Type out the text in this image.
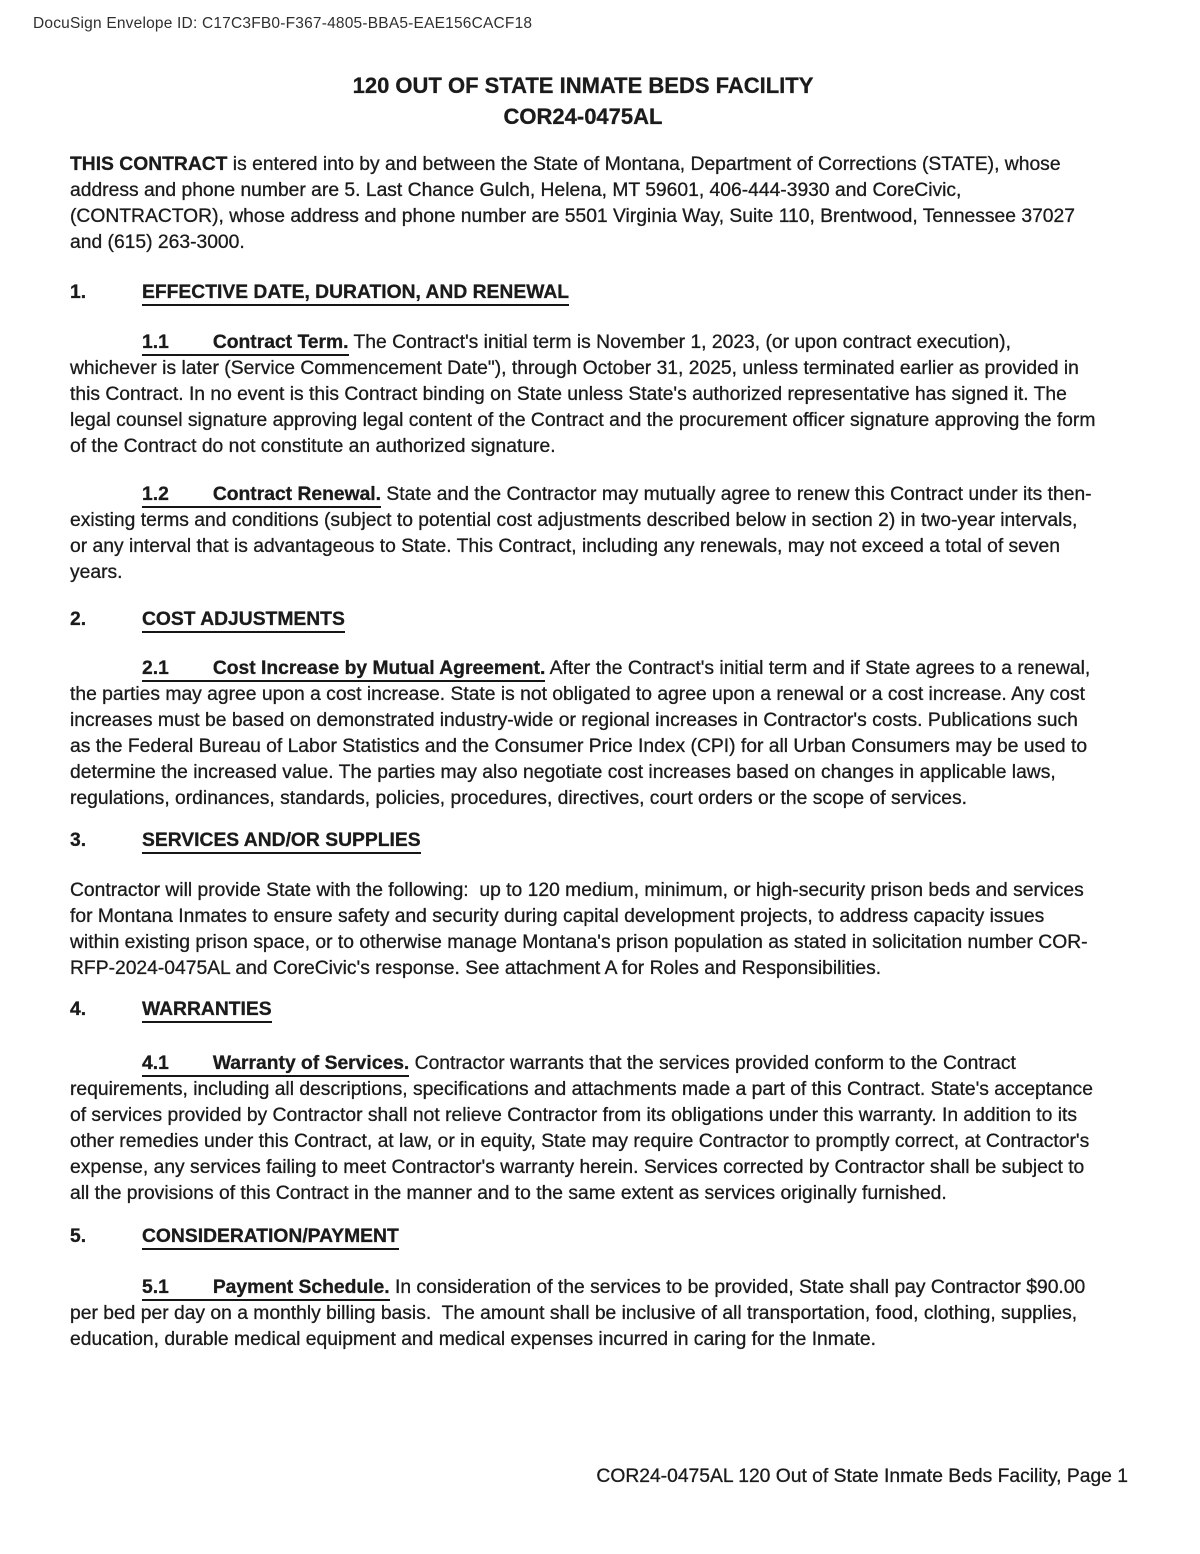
DocuSign Envelope ID: C17C3FB0-F367-4805-BBA5-EAE156CACF18
120 OUT OF STATE INMATE BEDS FACILITY
COR24-0475AL

THIS CONTRACT is entered into by and between the State of Montana, Department of Corrections (STATE), whose address and phone number are 5. Last Chance Gulch, Helena, MT 59601, 406-444-3930 and CoreCivic, (CONTRACTOR), whose address and phone number are 5501 Virginia Way, Suite 110, Brentwood, Tennessee 37027 and (615) 263-3000.

1.	EFFECTIVE DATE, DURATION, AND RENEWAL

1.1 Contract Term. The Contract's initial term is November 1, 2023, (or upon contract execution), whichever is later (Service Commencement Date"), through October 31, 2025, unless terminated earlier as provided in this Contract. In no event is this Contract binding on State unless State's authorized representative has signed it. The legal counsel signature approving legal content of the Contract and the procurement officer signature approving the form of the Contract do not constitute an authorized signature.

1.2 Contract Renewal. State and the Contractor may mutually agree to renew this Contract under its then-existing terms and conditions (subject to potential cost adjustments described below in section 2) in two-year intervals, or any interval that is advantageous to State. This Contract, including any renewals, may not exceed a total of seven years.

2.	COST ADJUSTMENTS

2.1 Cost Increase by Mutual Agreement. After the Contract's initial term and if State agrees to a renewal, the parties may agree upon a cost increase. State is not obligated to agree upon a renewal or a cost increase. Any cost increases must be based on demonstrated industry-wide or regional increases in Contractor's costs. Publications such as the Federal Bureau of Labor Statistics and the Consumer Price Index (CPI) for all Urban Consumers may be used to determine the increased value. The parties may also negotiate cost increases based on changes in applicable laws, regulations, ordinances, standards, policies, procedures, directives, court orders or the scope of services.

3.	SERVICES AND/OR SUPPLIES

Contractor will provide State with the following:  up to 120 medium, minimum, or high-security prison beds and services for Montana Inmates to ensure safety and security during capital development projects, to address capacity issues within existing prison space, or to otherwise manage Montana's prison population as stated in solicitation number COR-RFP-2024-0475AL and CoreCivic's response. See attachment A for Roles and Responsibilities.

4.	WARRANTIES

4.1 Warranty of Services. Contractor warrants that the services provided conform to the Contract requirements, including all descriptions, specifications and attachments made a part of this Contract. State's acceptance of services provided by Contractor shall not relieve Contractor from its obligations under this warranty. In addition to its other remedies under this Contract, at law, or in equity, State may require Contractor to promptly correct, at Contractor's expense, any services failing to meet Contractor's warranty herein. Services corrected by Contractor shall be subject to all the provisions of this Contract in the manner and to the same extent as services originally furnished.

5.	CONSIDERATION/PAYMENT

5.1 Payment Schedule. In consideration of the services to be provided, State shall pay Contractor $90.00 per bed per day on a monthly billing basis.  The amount shall be inclusive of all transportation, food, clothing, supplies, education, durable medical equipment and medical expenses incurred in caring for the Inmate.

COR24-0475AL 120 Out of State Inmate Beds Facility, Page 1
